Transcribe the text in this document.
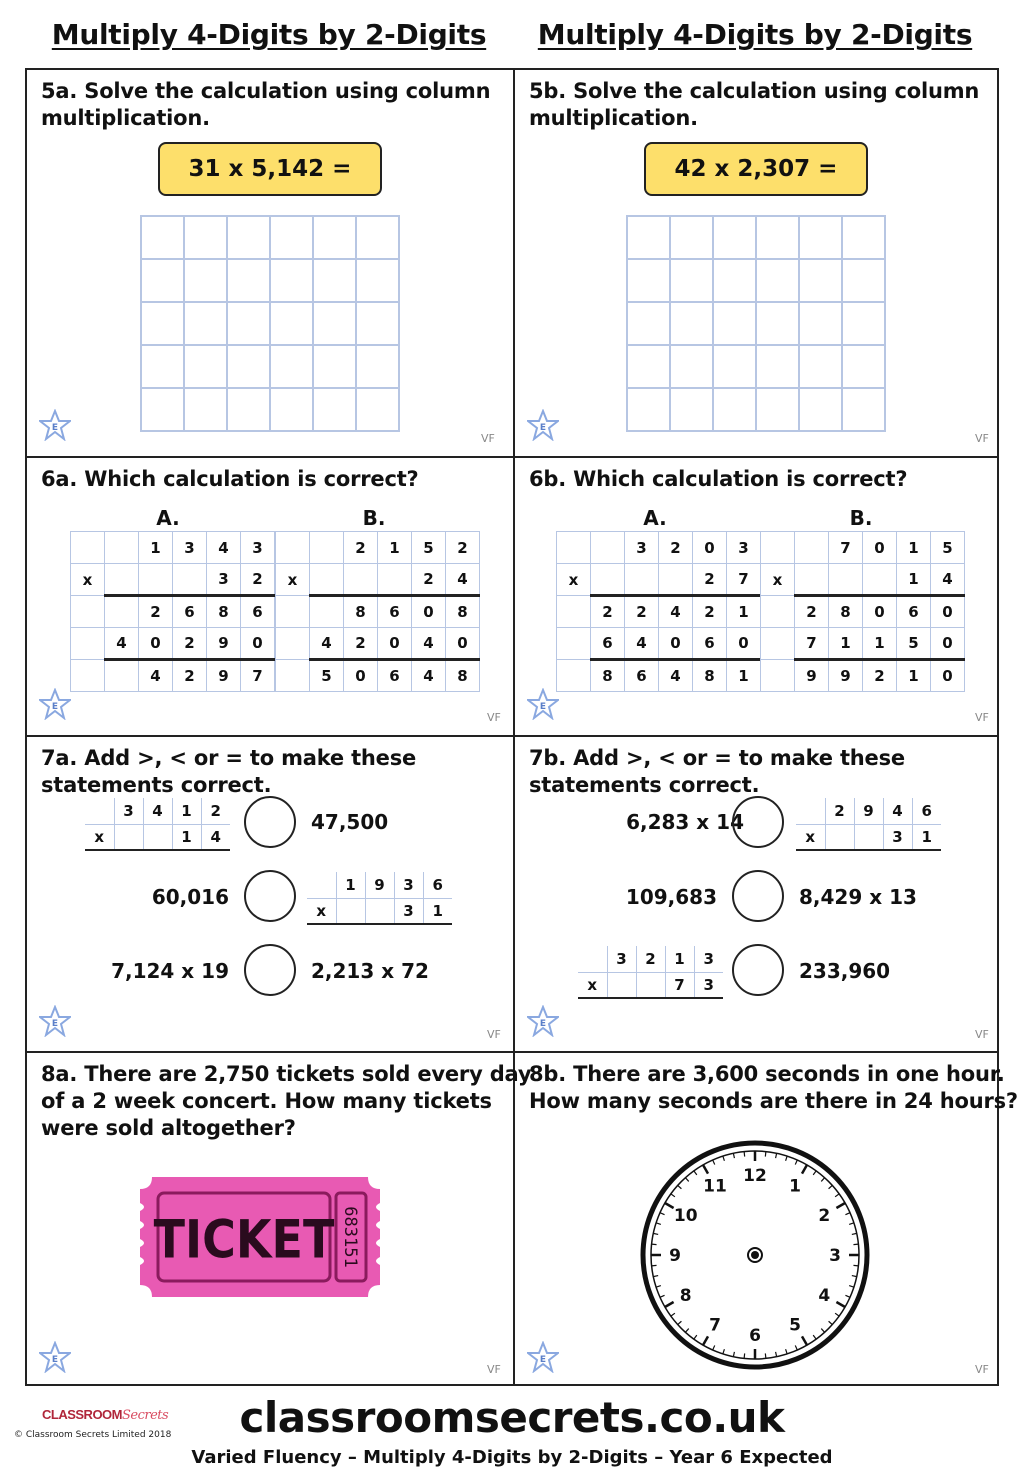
Multiply 4-Digits by 2-Digits Multiply 4-Digits by 2-Digits
5a. Solve the calculation using column
multiplication.
31 x 5,142 =
E
VF
5b. Solve the calculation using column
multiplication.
42 x 2,307 =
E
VF
6a. Which calculation is correct?
A.	B.
		1	3	4	3
x				3	2
		2	6	8	6
	4	0	2	9	0
		4	2	9	7
		2	1	5	2
x				2	4
		8	6	0	8
	4	2	0	4	0
	5	0	6	4	8
E
VF
6b. Which calculation is correct?
A.	B.
		3	2	0	3
x				2	7
	2	2	4	2	1
	6	4	0	6	0
	8	6	4	8	1
		7	0	1	5
x				1	4
	2	8	0	6	0
	7	1	1	5	0
	9	9	2	1	0
E
VF
7a. Add >, < or = to make these
statements correct.
	3	4	1	2
x			1	4
47,500
60,016
	1	9	3	6
x			3	1
7,124 x 19	2,213 x 72
E
VF
7b. Add >, < or = to make these
statements correct.
6,283 x 14
		2	9	4	6
x			3	1
109,683	8,429 x 13
	3	2	1	3
x			7	3
233,960
E
VF
8a. There are 2,750 tickets sold every day
of a 2 week concert. How many tickets
were sold altogether?
TICKET 683151
E
VF
8b. There are 3,600 seconds in one hour.
How many seconds are there in 24 hours?
12
1
2
3
4
5
6
7
8
9
10
11
E
VF
CLASSROOMSecrets
© Classroom Secrets Limited 2018 classroomsecrets.co.uk
Varied Fluency – Multiply 4-Digits by 2-Digits – Year 6 Expected
